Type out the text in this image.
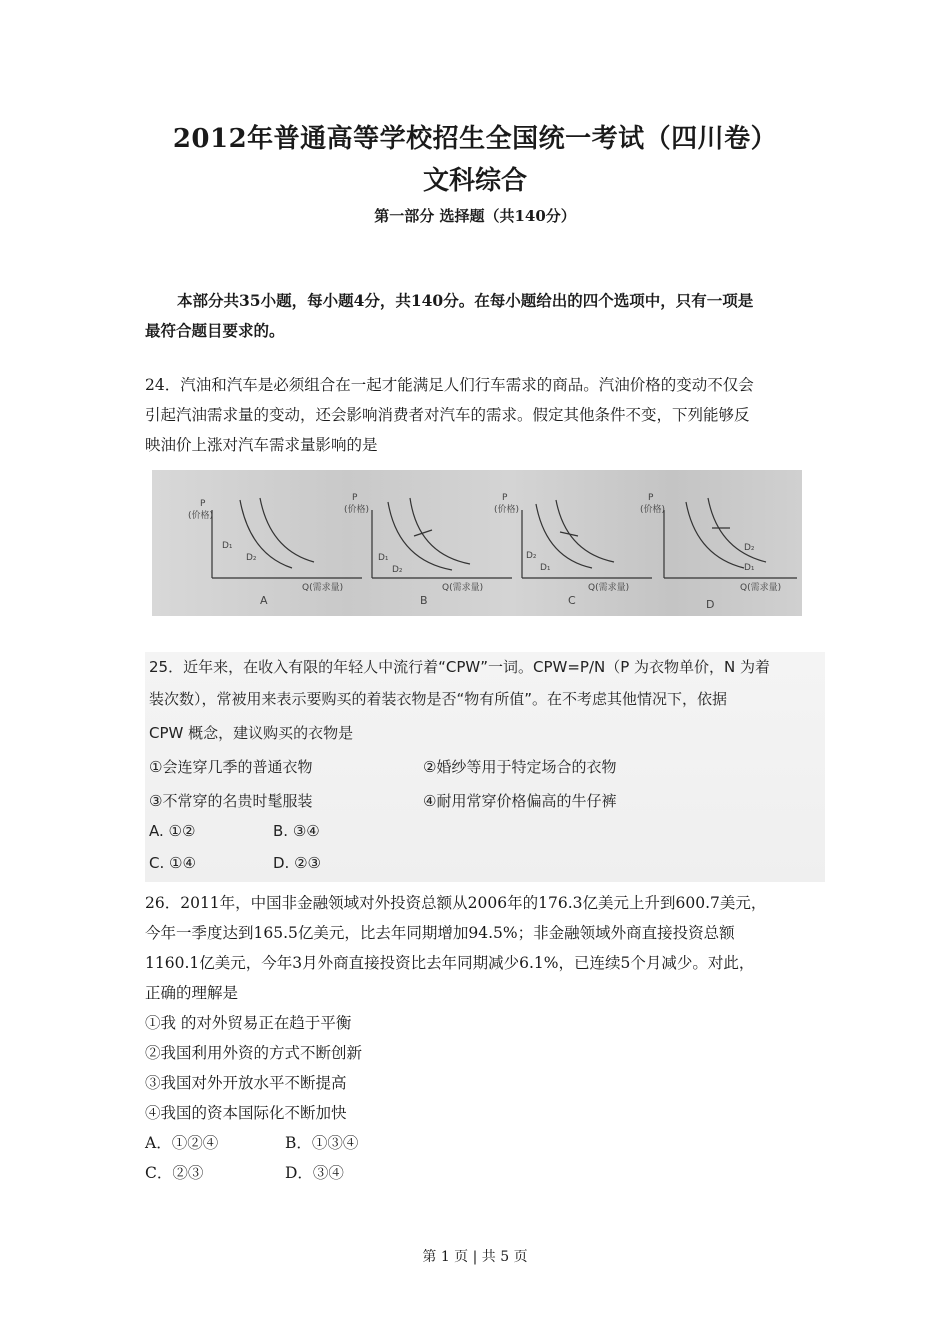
2012年普通高等学校招生全国统一考试（四川卷）
文科综合
第一部分 选择题（共140分）
本部分共35小题，每小题4分，共140分。在每小题给出的四个选项中，只有一项是
最符合题目要求的。
24．汽油和汽车是必须组合在一起才能满足人们行车需求的商品。汽油价格的变动不仅会
引起汽油需求量的变动，还会影响消费者对汽车的需求。假定其他条件不变，下列能够反
映油价上涨对汽车需求量影响的是
P
(价格)
D₁
D₂
Q(需求量)
A
P
(价格)
D₁
D₂
Q(需求量)
B
P
(价格)
D₂
D₁
Q(需求量)
C
P
(价格)
D₂
D₁
Q(需求量)
D
25．近年来，在收入有限的年轻人中流行着“CPW”一词。CPW=P/N（P 为衣物单价，N 为着
装次数），常被用来表示要购买的着装衣物是否“物有所值”。在不考虑其他情况下，依据
CPW 概念，建议购买的衣物是
①会连穿几季的普通衣物	②婚纱等用于特定场合的衣物
③不常穿的名贵时髦服装	④耐用常穿价格偏高的牛仔裤
A. ①②	B. ③④
C. ①④	D. ②③
26．2011年，中国非金融领域对外投资总额从2006年的176.3亿美元上升到600.7美元，
今年一季度达到165.5亿美元，比去年同期增加94.5%；非金融领域外商直接投资总额
1160.1亿美元，今年3月外商直接投资比去年同期减少6.1%，已连续5个月减少。对此，
正确的理解是
①我 的对外贸易正在趋于平衡
②我国利用外资的方式不断创新
③我国对外开放水平不断提高
④我国的资本国际化不断加快
A．①②④	B．①③④
C．②③	D．③④
第 1 页 | 共 5 页
